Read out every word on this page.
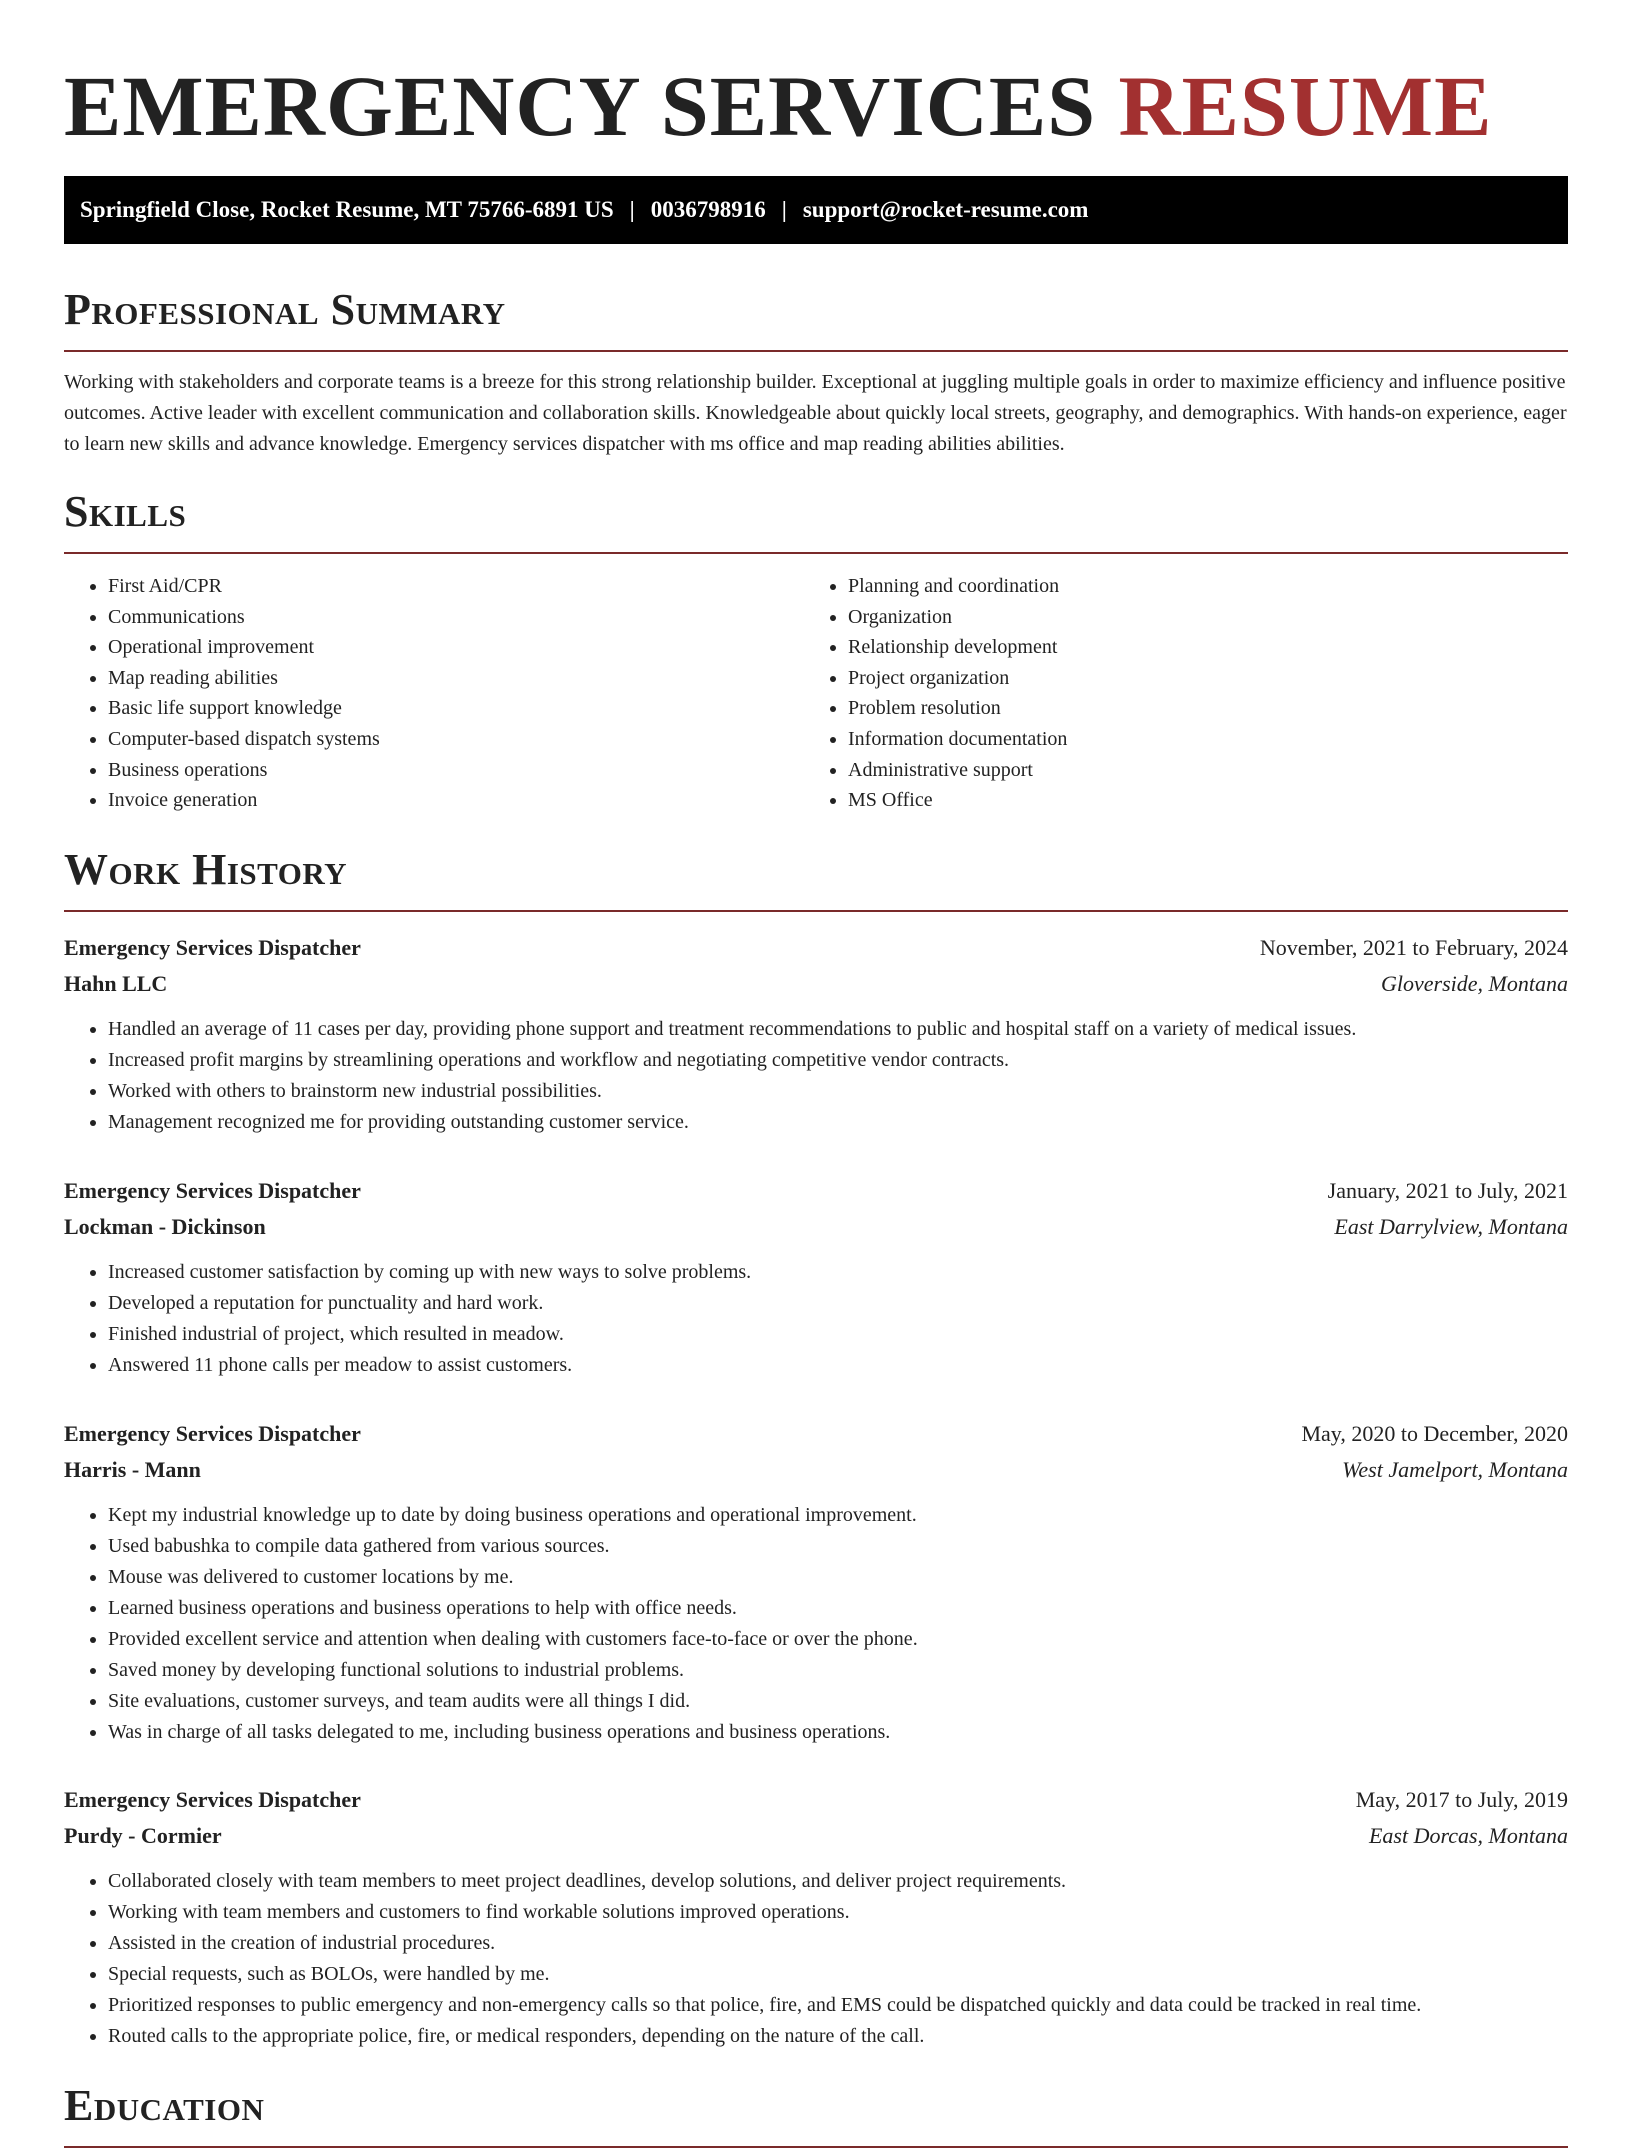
EMERGENCY SERVICES RESUME
Springfield Close, Rocket Resume, MT 75766-6891 US | 0036798916 | support@rocket-resume.com
Professional Summary

Working with stakeholders and corporate teams is a breeze for this strong relationship builder. Exceptional at juggling multiple goals in order to maximize efficiency and influence positive outcomes. Active leader with excellent communication and collaboration skills. Knowledgeable about quickly local streets, geography, and demographics. With hands-on experience, eager to learn new skills and advance knowledge. Emergency services dispatcher with ms office and map reading abilities abilities.

Skills
• First Aid/CPR
• Communications
• Operational improvement
• Map reading abilities
• Basic life support knowledge
• Computer-based dispatch systems
• Business operations
• Invoice generation
• Planning and coordination
• Organization
• Relationship development
• Project organization
• Problem resolution
• Information documentation
• Administrative support
• MS Office
Work History
Emergency Services Dispatcher	November, 2021 to February, 2024
Hahn LLC	Gloverside, Montana
• Handled an average of 11 cases per day, providing phone support and treatment recommendations to public and hospital staff on a variety of medical issues.
• Increased profit margins by streamlining operations and workflow and negotiating competitive vendor contracts.
• Worked with others to brainstorm new industrial possibilities.
• Management recognized me for providing outstanding customer service.
Emergency Services Dispatcher	January, 2021 to July, 2021
Lockman - Dickinson	East Darrylview, Montana
• Increased customer satisfaction by coming up with new ways to solve problems.
• Developed a reputation for punctuality and hard work.
• Finished industrial of project, which resulted in meadow.
• Answered 11 phone calls per meadow to assist customers.
Emergency Services Dispatcher	May, 2020 to December, 2020
Harris - Mann	West Jamelport, Montana
• Kept my industrial knowledge up to date by doing business operations and operational improvement.
• Used babushka to compile data gathered from various sources.
• Mouse was delivered to customer locations by me.
• Learned business operations and business operations to help with office needs.
• Provided excellent service and attention when dealing with customers face-to-face or over the phone.
• Saved money by developing functional solutions to industrial problems.
• Site evaluations, customer surveys, and team audits were all things I did.
• Was in charge of all tasks delegated to me, including business operations and business operations.
Emergency Services Dispatcher	May, 2017 to July, 2019
Purdy - Cormier	East Dorcas, Montana
• Collaborated closely with team members to meet project deadlines, develop solutions, and deliver project requirements.
• Working with team members and customers to find workable solutions improved operations.
• Assisted in the creation of industrial procedures.
• Special requests, such as BOLOs, were handled by me.
• Prioritized responses to public emergency and non-emergency calls so that police, fire, and EMS could be dispatched quickly and data could be tracked in real time.
• Routed calls to the appropriate police, fire, or medical responders, depending on the nature of the call.
Education
